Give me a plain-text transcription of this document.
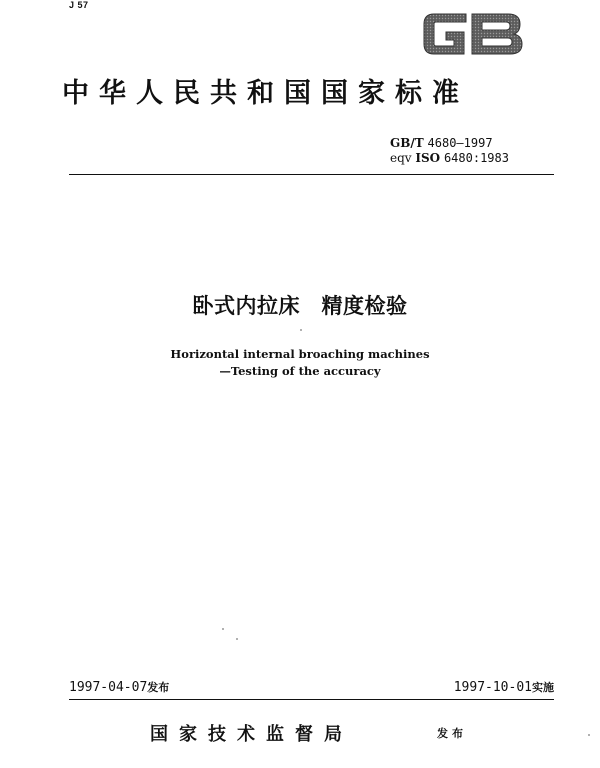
J 57
中华人民共和国国家标准
GB/T 4680—1997
eqv ISO 6480:1983
卧式内拉床　精度检验
Horizontal internal broaching machines
—Testing of the accuracy
1997-04-07发布	1997-10-01实施
国家技术监督局	发布
